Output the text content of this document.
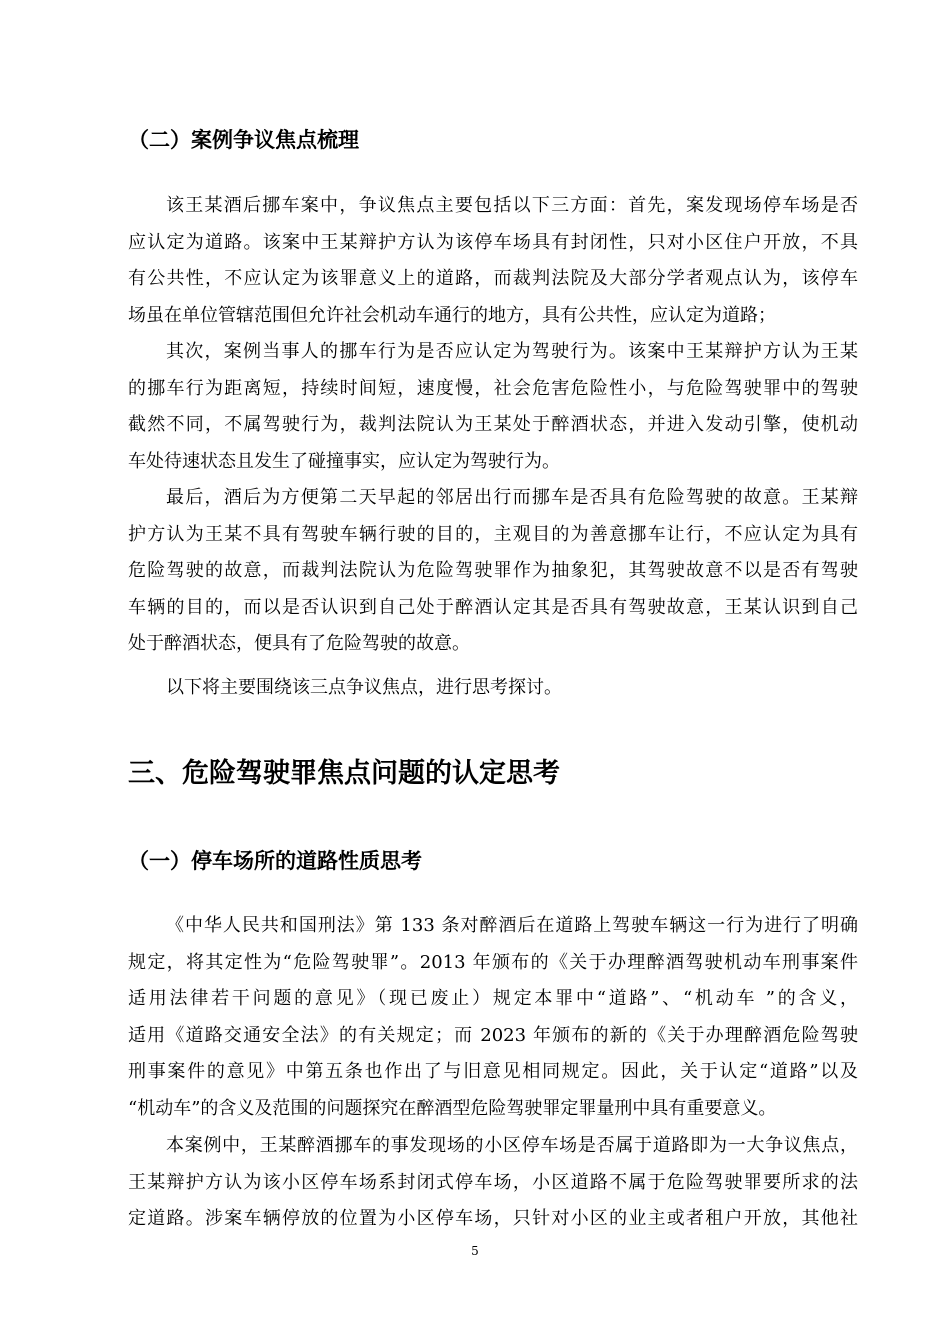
（二）案例争议焦点梳理
该王某酒后挪车案中，争议焦点主要包括以下三方面：首先，案发现场停车场是否
应认定为道路。该案中王某辩护方认为该停车场具有封闭性，只对小区住户开放，不具
有公共性，不应认定为该罪意义上的道路，而裁判法院及大部分学者观点认为，该停车
场虽在单位管辖范围但允许社会机动车通行的地方，具有公共性，应认定为道路；
其次，案例当事人的挪车行为是否应认定为驾驶行为。该案中王某辩护方认为王某
的挪车行为距离短，持续时间短，速度慢，社会危害危险性小，与危险驾驶罪中的驾驶
截然不同，不属驾驶行为，裁判法院认为王某处于醉酒状态，并进入发动引擎，使机动
车处待速状态且发生了碰撞事实，应认定为驾驶行为。
最后，酒后为方便第二天早起的邻居出行而挪车是否具有危险驾驶的故意。王某辩
护方认为王某不具有驾驶车辆行驶的目的，主观目的为善意挪车让行，不应认定为具有
危险驾驶的故意，而裁判法院认为危险驾驶罪作为抽象犯，其驾驶故意不以是否有驾驶
车辆的目的，而以是否认识到自己处于醉酒认定其是否具有驾驶故意，王某认识到自己
处于醉酒状态，便具有了危险驾驶的故意。
以下将主要围绕该三点争议焦点，进行思考探讨。
三、危险驾驶罪焦点问题的认定思考
（一）停车场所的道路性质思考
《中华人民共和国刑法》第 133 条对醉酒后在道路上驾驶车辆这一行为进行了明确
规定，将其定性为“危险驾驶罪”。2013 年颁布的《关于办理醉酒驾驶机动车刑事案件
适用法律若干问题的意见》（现已废止）规定本罪中“道路”、“机动车 ”的含义，
适用《道路交通安全法》的有关规定；而 2023 年颁布的新的《关于办理醉酒危险驾驶
刑事案件的意见》中第五条也作出了与旧意见相同规定。因此，关于认定“道路”以及
“机动车”的含义及范围的问题探究在醉酒型危险驾驶罪定罪量刑中具有重要意义。
本案例中，王某醉酒挪车的事发现场的小区停车场是否属于道路即为一大争议焦点，
王某辩护方认为该小区停车场系封闭式停车场，小区道路不属于危险驾驶罪要所求的法
定道路。涉案车辆停放的位置为小区停车场，只针对小区的业主或者租户开放，其他社
5
